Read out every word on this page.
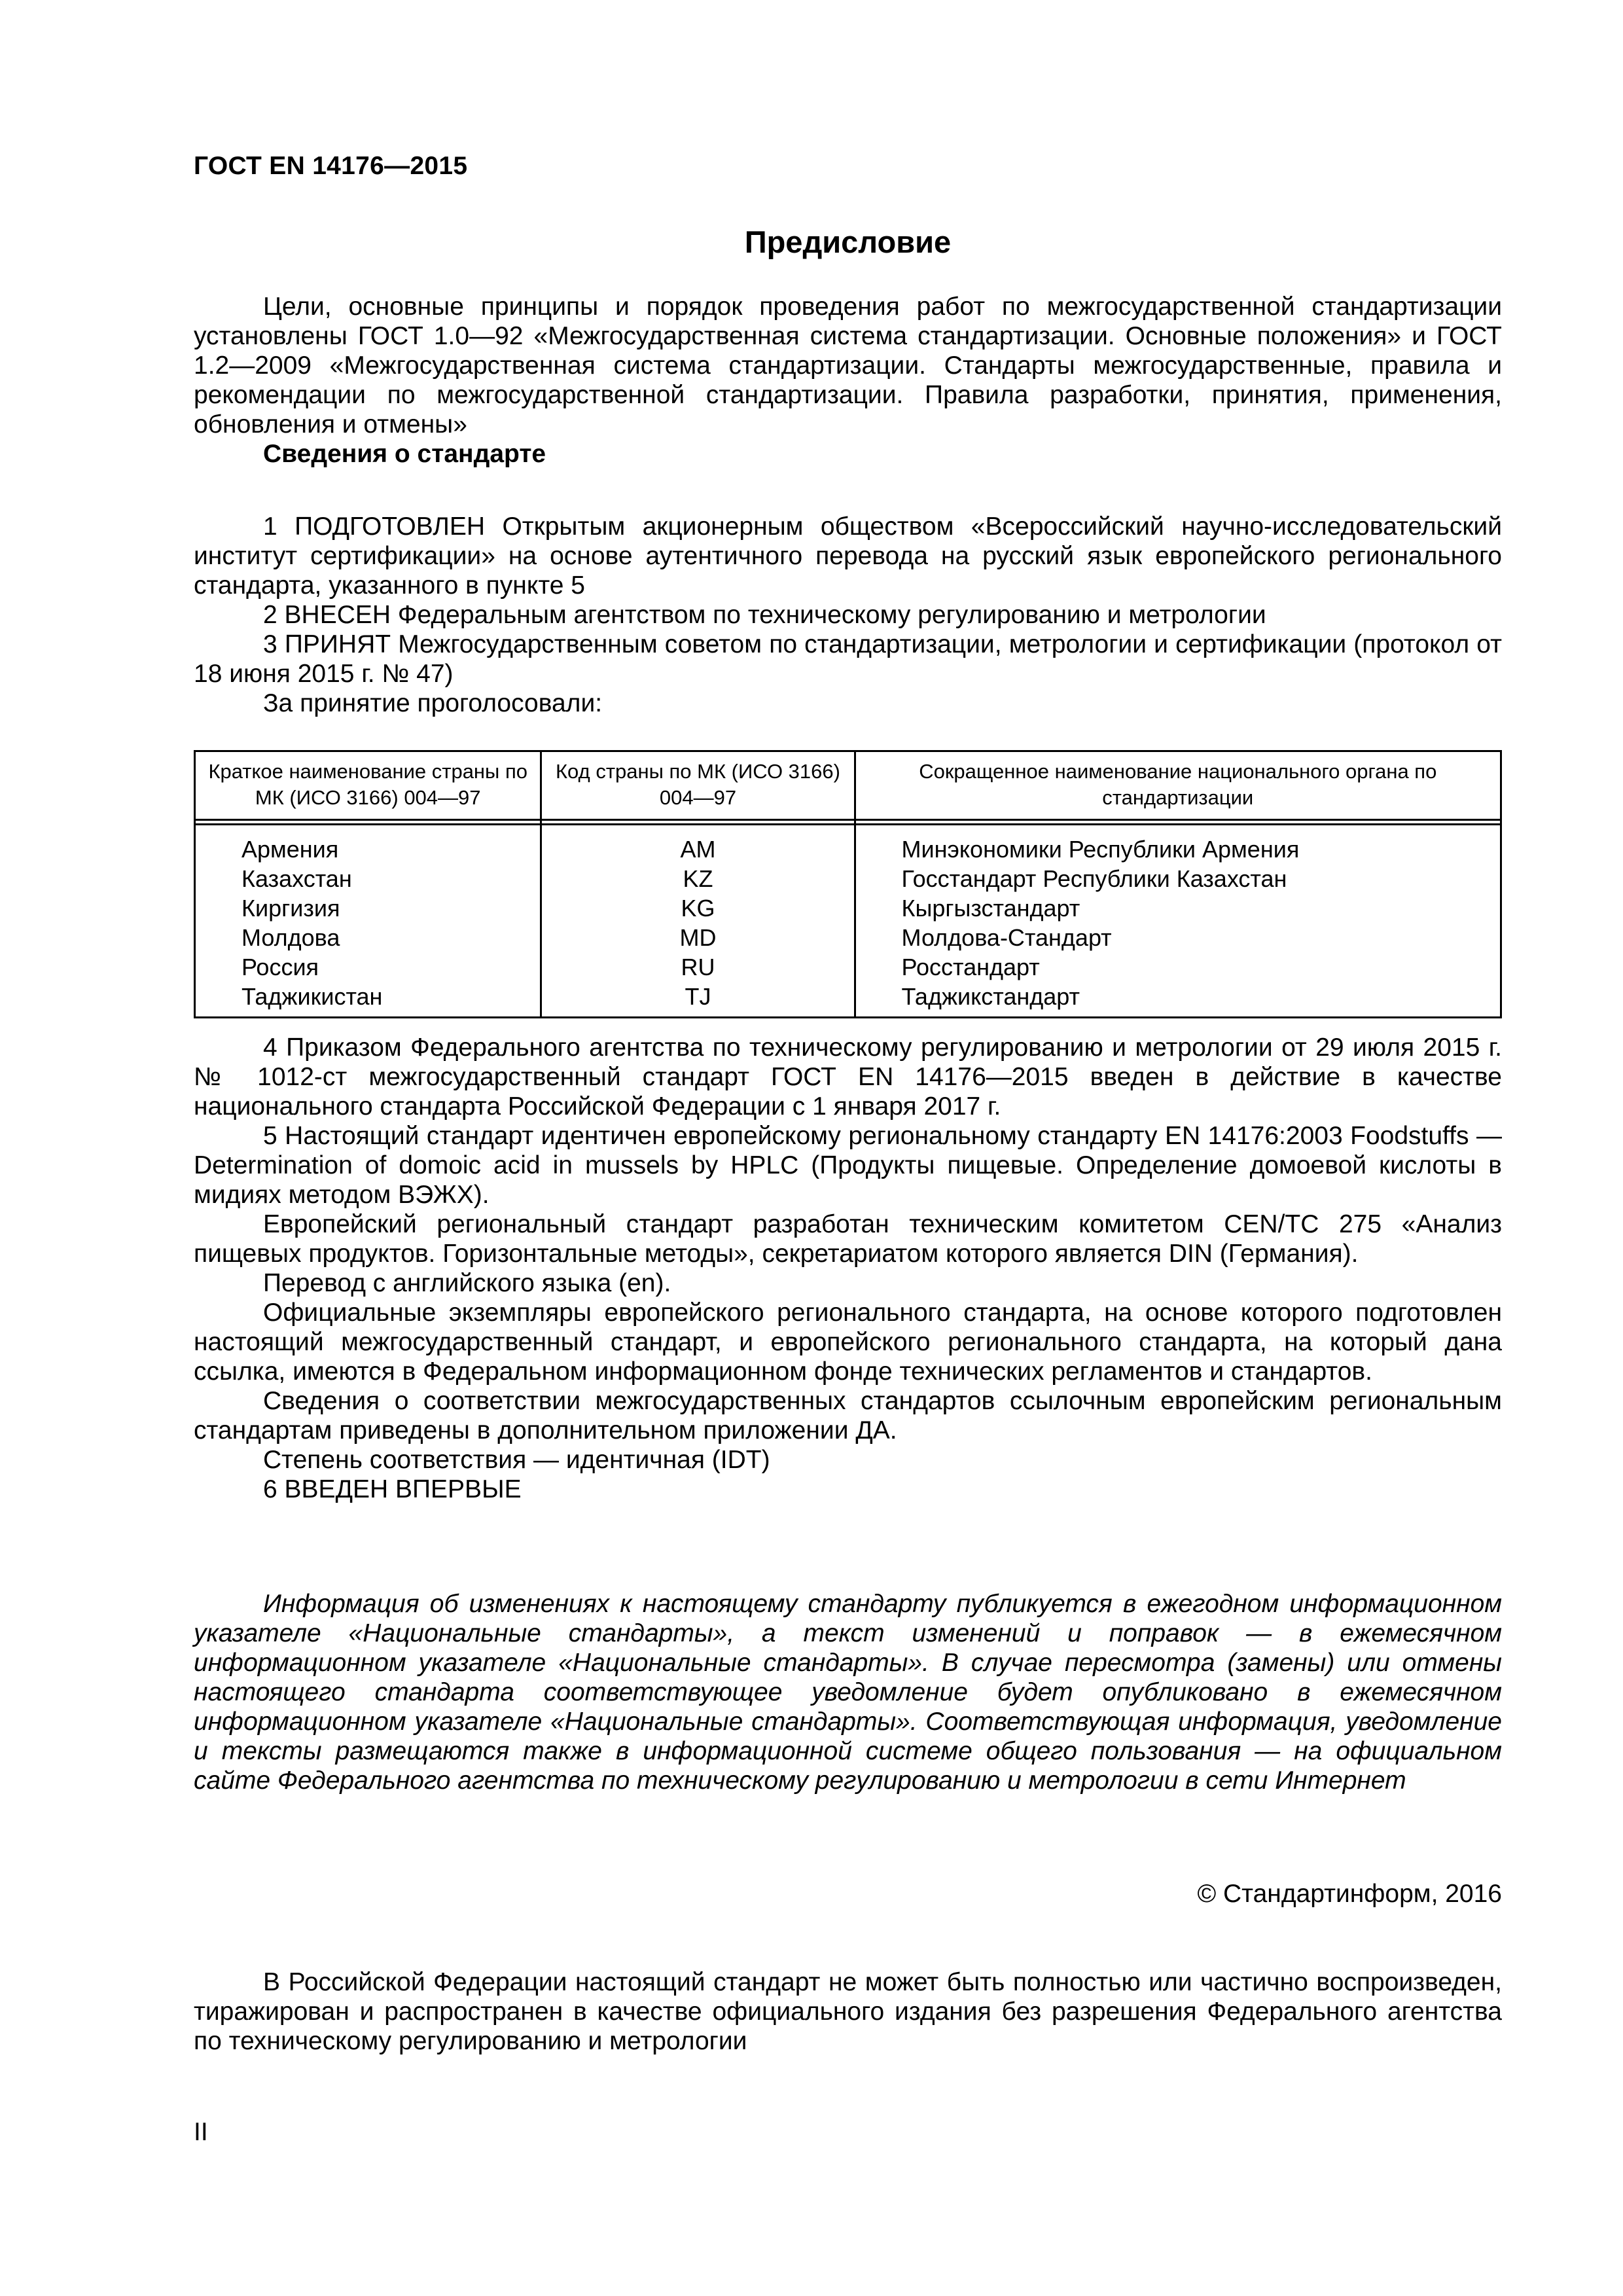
ГОСТ EN 14176—2015
Предисловие

Цели, основные принципы и порядок проведения работ по межгосударственной стандартизации установлены ГОСТ 1.0—92 «Межгосударственная система стандартизации. Основные положения» и ГОСТ 1.2—2009 «Межгосударственная система стандартизации. Стандарты межгосударственные, правила и рекомендации по межгосударственной стандартизации. Правила разработки, принятия, применения, обновления и отмены»

Сведения о стандарте

1 ПОДГОТОВЛЕН Открытым акционерным обществом «Всероссийский научно-исследовательский институт сертификации» на основе аутентичного перевода на русский язык европейского регионального стандарта, указанного в пункте 5

2 ВНЕСЕН Федеральным агентством по техническому регулированию и метрологии

3 ПРИНЯТ Межгосударственным советом по стандартизации, метрологии и сертификации (протокол от 18 июня 2015 г. № 47)

За принятие проголосовали:

Краткое наименование страны по МК (ИСО 3166) 004—97	Код страны по МК (ИСО 3166) 004—97	Сокращенное наименование национального органа по стандартизации

Армения	AM	Минэкономики Республики Армения
Казахстан	KZ	Госстандарт Республики Казахстан
Киргизия	KG	Кыргызстандарт
Молдова	MD	Молдова-Стандарт
Россия	RU	Росстандарт
Таджикистан	TJ	Таджикстандарт

4 Приказом Федерального агентства по техническому регулированию и метрологии от 29 июля 2015 г. № 1012-ст межгосударственный стандарт ГОСТ EN 14176—2015 введен в действие в качестве национального стандарта Российской Федерации с 1 января 2017 г.

5 Настоящий стандарт идентичен европейскому региональному стандарту EN 14176:2003 Foodstuffs — Determination of domoic acid in mussels by HPLC (Продукты пищевые. Определение домоевой кислоты в мидиях методом ВЭЖХ).

Европейский региональный стандарт разработан техническим комитетом CEN/TC 275 «Анализ пищевых продуктов. Горизонтальные методы», секретариатом которого является DIN (Германия).

Перевод с английского языка (en).

Официальные экземпляры европейского регионального стандарта, на основе которого подготовлен настоящий межгосударственный стандарт, и европейского регионального стандарта, на который дана ссылка, имеются в Федеральном информационном фонде технических регламентов и стандартов.

Сведения о соответствии межгосударственных стандартов ссылочным европейским региональным стандартам приведены в дополнительном приложении ДА.

Степень соответствия — идентичная (IDT)

6 ВВЕДЕН ВПЕРВЫЕ

Информация об изменениях к настоящему стандарту публикуется в ежегодном информационном указателе «Национальные стандарты», а текст изменений и поправок — в ежемесячном информационном указателе «Национальные стандарты». В случае пересмотра (замены) или отмены настоящего стандарта соответствующее уведомление будет опубликовано в ежемесячном информационном указателе «Национальные стандарты». Соответствующая информация, уведомление и тексты размещаются также в информационной системе общего пользования — на официальном сайте Федерального агентства по техническому регулированию и метрологии в сети Интернет

© Стандартинформ, 2016

В Российской Федерации настоящий стандарт не может быть полностью или частично воспроизведен, тиражирован и распространен в качестве официального издания без разрешения Федерального агентства по техническому регулированию и метрологии

II
